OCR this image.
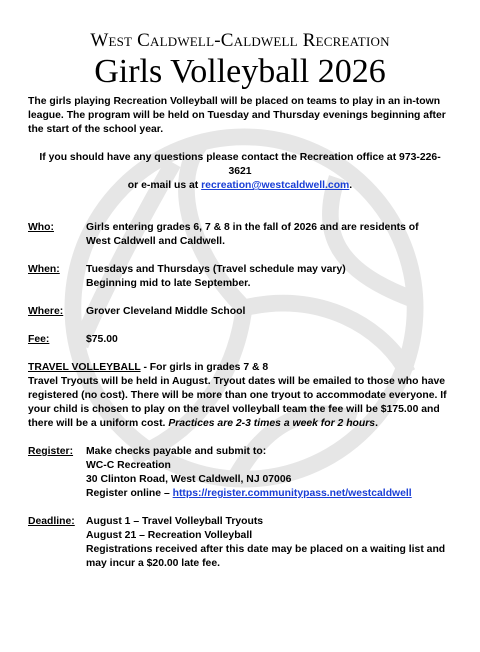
West Caldwell-Caldwell Recreation
Girls Volleyball 2026

The girls playing Recreation Volleyball will be placed on teams to play in an in-town league. The program will be held on Tuesday and Thursday evenings beginning after the start of the school year.

If you should have any questions please contact the Recreation office at 973-226-3621
or e-mail us at recreation@westcaldwell.com.

Who:	Girls entering grades 6, 7 & 8 in the fall of 2026 and are residents of
West Caldwell and Caldwell.
When:	Tuesdays and Thursdays (Travel schedule may vary)
Beginning mid to late September.
Where:	Grover Cleveland Middle School
Fee:	$75.00

TRAVEL VOLLEYBALL - For girls in grades 7 & 8
Travel Tryouts will be held in August. Tryout dates will be emailed to those who have registered (no cost). There will be more than one tryout to accommodate everyone. If your child is chosen to play on the travel volleyball team the fee will be $175.00 and there will be a uniform cost. Practices are 2-3 times a week for 2 hours.

Register:	Make checks payable and submit to:
WC-C Recreation
30 Clinton Road, West Caldwell, NJ 07006
Register online – https://register.communitypass.net/westcaldwell
Deadline:	August 1 – Travel Volleyball Tryouts
August 21 – Recreation Volleyball
Registrations received after this date may be placed on a waiting list and
may incur a $20.00 late fee.
